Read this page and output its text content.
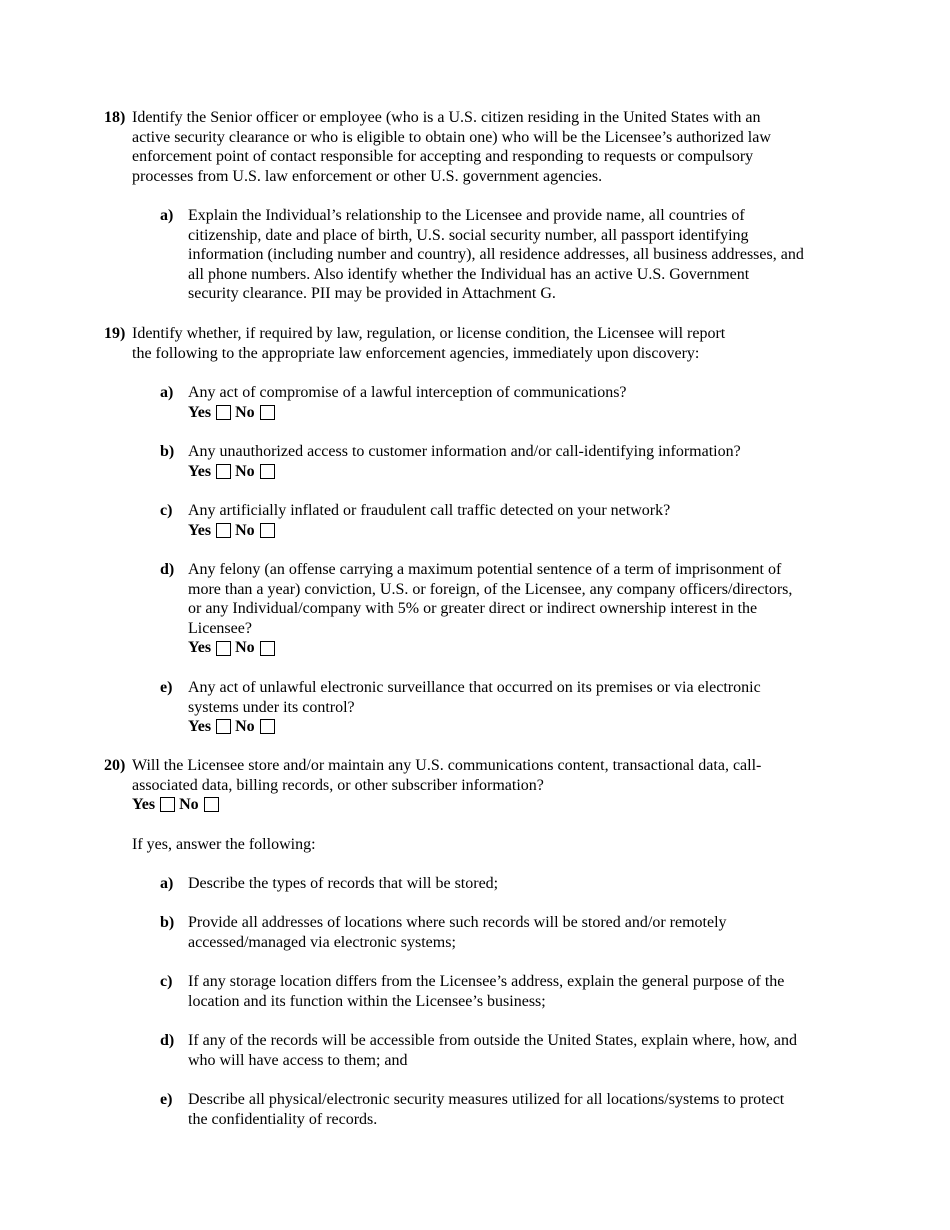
18) Identify the Senior officer or employee (who is a U.S. citizen residing in the United States with an
active security clearance or who is eligible to obtain one) who will be the Licensee’s authorized law
enforcement point of contact responsible for accepting and responding to requests or compulsory
processes from U.S. law enforcement or other U.S. government agencies.
a) Explain the Individual’s relationship to the Licensee and provide name, all countries of
citizenship, date and place of birth, U.S. social security number, all passport identifying
information (including number and country), all residence addresses, all business addresses, and
all phone numbers. Also identify whether the Individual has an active U.S. Government
security clearance. PII may be provided in Attachment G.
19) Identify whether, if required by law, regulation, or license condition, the Licensee will report
the following to the appropriate law enforcement agencies, immediately upon discovery:
a) Any act of compromise of a lawful interception of communications?
Yes No
b) Any unauthorized access to customer information and/or call-identifying information?
Yes No
c) Any artificially inflated or fraudulent call traffic detected on your network?
Yes No
d) Any felony (an offense carrying a maximum potential sentence of a term of imprisonment of
more than a year) conviction, U.S. or foreign, of the Licensee, any company officers/directors,
or any Individual/company with 5% or greater direct or indirect ownership interest in the
Licensee?
Yes No
e) Any act of unlawful electronic surveillance that occurred on its premises or via electronic
systems under its control?
Yes No
20) Will the Licensee store and/or maintain any U.S. communications content, transactional data, call-
associated data, billing records, or other subscriber information?
Yes No
If yes, answer the following:
a) Describe the types of records that will be stored;
b) Provide all addresses of locations where such records will be stored and/or remotely
accessed/managed via electronic systems;
c) If any storage location differs from the Licensee’s address, explain the general purpose of the
location and its function within the Licensee’s business;
d) If any of the records will be accessible from outside the United States, explain where, how, and
who will have access to them; and
e) Describe all physical/electronic security measures utilized for all locations/systems to protect
the confidentiality of records.
